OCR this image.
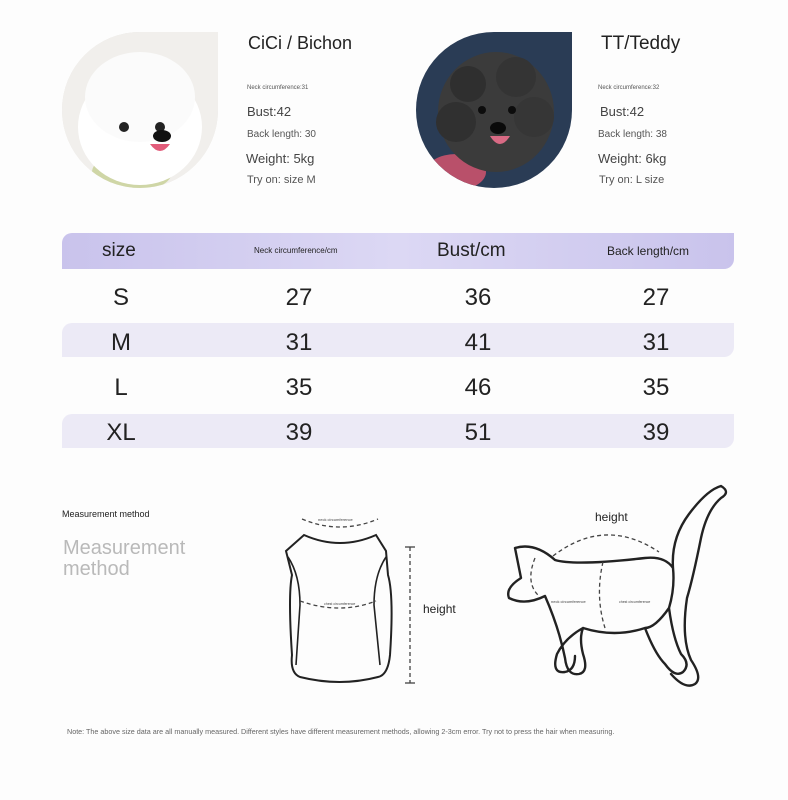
CiCi / Bichon
Neck circumference:31
Bust:42
Back length: 30
Weight: 5kg
Try on: size M
TT/Teddy
Neck circumference:32
Bust:42
Back length: 38
Weight: 6kg
Try on: L size
size	Neck circumference/cm	Bust/cm	Back length/cm
S	27	36	27
M	31	41	31
L	35	46	35
XL	39	51	39
Measurement method
Measurement method
neck circumference
chest circumference	height
height
neck circumference	chest circumference
Note: The above size data are all manually measured. Different styles have different measurement methods, allowing 2-3cm error. Try not to press the hair when measuring.
